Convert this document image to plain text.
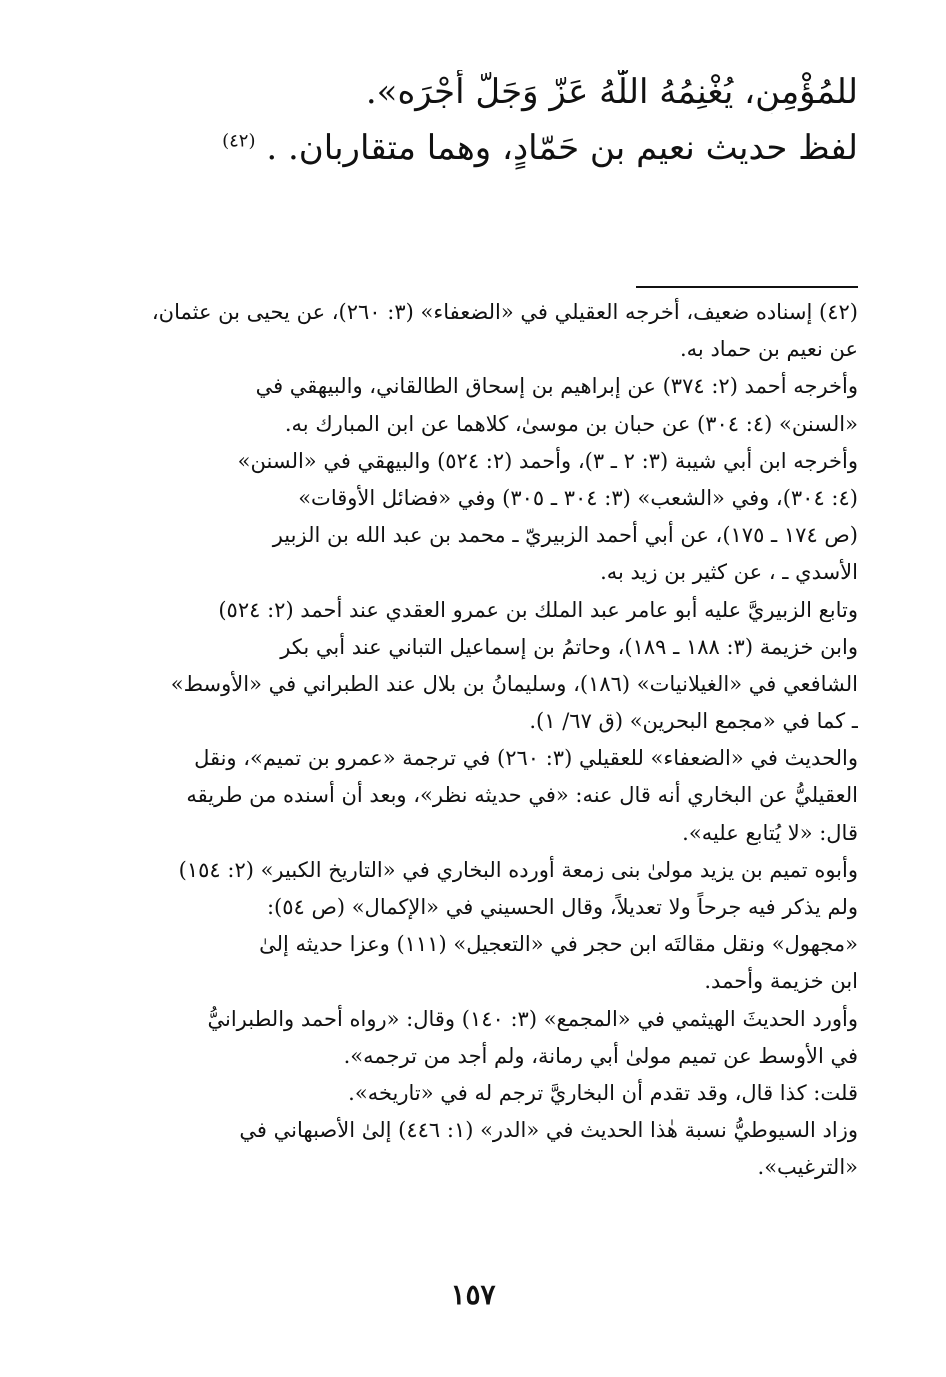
للمُؤْمِنِ، يُغْنِمُهُ اللّٰهُ عَزّ وَجَلّ أَجْرَه».
لفظ حديث نعيم بن حَمّادٍ، وهما متقاربان. . $^{(٤٢)}$
(٤٢) إسناده ضعيف، أخرجه العقيلي في «الضعفاء» (٣: ٢٦٠)، عن يحيى بن عثمان،
عن نعيم بن حماد به.
وأخرجه أحمد (٢: ٣٧٤) عن إبراهيم بن إسحاق الطالقاني، والبيهقي في
«السنن» (٤: ٣٠٤) عن حبان بن موسىٰ، كلاهما عن ابن المبارك به.
وأخرجه ابن أبي شيبة (٣: ٢ ـ ٣)، وأحمد (٢: ٥٢٤) والبيهقي في «السنن»
(٤: ٣٠٤)، وفي «الشعب» (٣: ٣٠٤ ـ ٣٠٥) وفي «فضائل الأوقات»
(ص ١٧٤ ـ ١٧٥)، عن أبي أحمد الزبيريّ ـ محمد بن عبد الله بن الزبير
الأسدي ـ ، عن كثير بن زيد به.
وتابع الزبيريَّ عليه أبو عامر عبد الملك بن عمرو العقدي عند أحمد (٢: ٥٢٤)
وابن خزيمة (٣: ١٨٨ ـ ١٨٩)، وحاتمُ بن إسماعيل التباني عند أبي بكر
الشافعي في «الغيلانيات» (١٨٦)، وسليمانُ بن بلال عند الطبراني في «الأوسط»
ـ كما في «مجمع البحرين» (ق ٦٧/ ١).
والحديث في «الضعفاء» للعقيلي (٣: ٢٦٠) في ترجمة «عمرو بن تميم»، ونقل
العقيليُّ عن البخاري أنه قال عنه: «في حديثه نظر»، وبعد أن أسنده من طريقه
قال: «لا يُتابع عليه».
وأبوه تميم بن يزيد مولىٰ بنى زمعة أورده البخاري في «التاريخ الكبير» (٢: ١٥٤)
ولم يذكر فيه جرحاً ولا تعديلاً، وقال الحسيني في «الإكمال» (ص ٥٤):
«مجهول» ونقل مقالتَه ابن حجر في «التعجيل» (١١١) وعزا حديثه إلىٰ
ابن خزيمة وأحمد.
وأورد الحديثَ الهيثمي في «المجمع» (٣: ١٤٠) وقال: «رواه أحمد والطبرانيُّ
في الأوسط عن تميم مولىٰ أبي رمانة، ولم أجد من ترجمه».
قلت: كذا قال، وقد تقدم أن البخاريَّ ترجم له في «تاريخه».
وزاد السيوطيُّ نسبة هٰذا الحديث في «الدر» (١: ٤٤٦) إلىٰ الأصبهاني في
«الترغيب».
١٥٧
